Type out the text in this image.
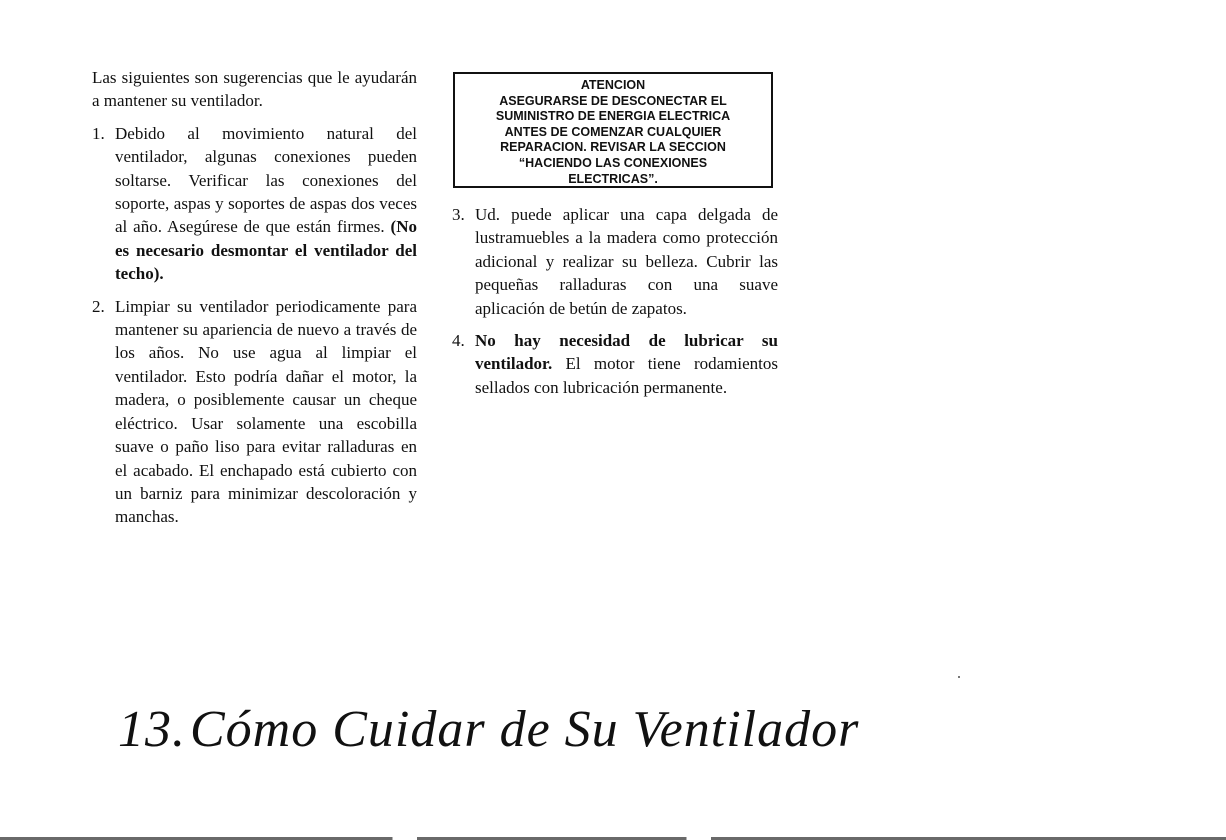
Las siguientes son sugerencias que le ayudarán a mantener su ventilador.

1. Debido al movimiento natural del ventilador, algunas conexiones pueden soltarse. Verificar las conexiones del soporte, aspas y soportes de aspas dos veces al año. Asegúrese de que están firmes. (No es necesario desmontar el ventilador del techo).
2. Limpiar su ventilador periodicamente para mantener su apariencia de nuevo a través de los años. No use agua al limpiar el ventilador. Esto podría dañar el motor, la madera, o posiblemente causar un cheque eléctrico. Usar solamente una escobilla suave o paño liso para evitar ralladuras en el acabado. El enchapado está cubierto con un barniz para minimizar descoloración y manchas.
ATENCION
ASEGURARSE DE DESCONECTAR EL
SUMINISTRO DE ENERGIA ELECTRICA
ANTES DE COMENZAR CUALQUIER
REPARACION. REVISAR LA SECCION
“HACIENDO LAS CONEXIONES
ELECTRICAS”.
3. Ud. puede aplicar una capa delgada de lustramuebles a la madera como protección adicional y realizar su belleza. Cubrir las pequeñas ralladuras con una suave aplicación de betún de zapatos.
4. No hay necesidad de lubricar su ventilador. El motor tiene rodamientos sellados con lubricación permanente.
13.Cómo Cuidar de Su Ventilador
